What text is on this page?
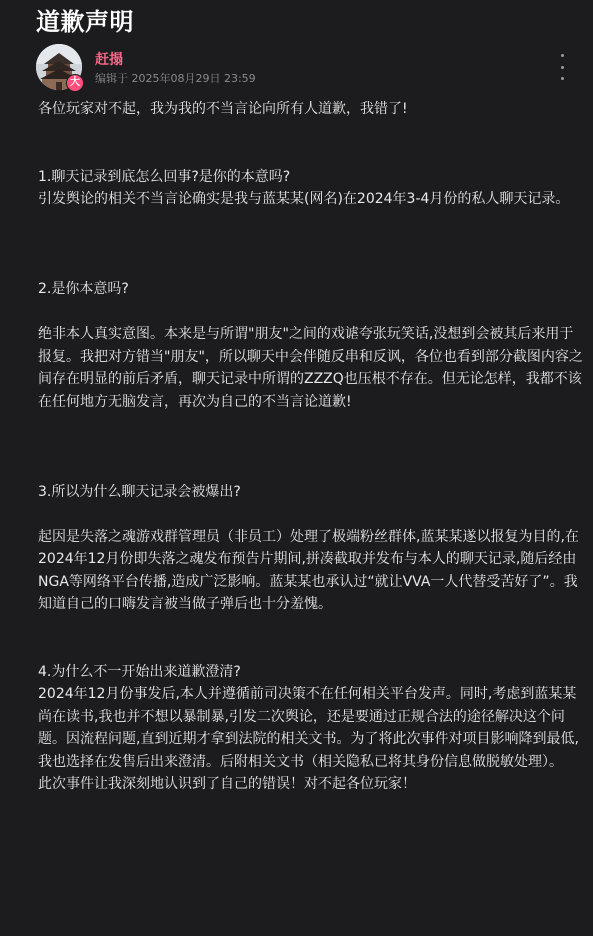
道歉声明
大
赶搨
编辑于 2025年08月29日 23:59

各位玩家对不起，我为我的不当言论向所有人道歉，我错了!

1.聊天记录到底怎么回事?是你的本意吗?

引发舆论的相关不当言论确实是我与蓝某某(网名)在2024年3-4月份的私人聊天记录。

2.是你本意吗?

绝非本人真实意图。本来是与所谓"朋友"之间的戏谑夸张玩笑话,没想到会被其后来用于报复。我把对方错当"朋友"，所以聊天中会伴随反串和反讽，各位也看到部分截图内容之间存在明显的前后矛盾，聊天记录中所谓的ZZZQ也压根不存在。但无论怎样，我都不该在任何地方无脑发言，再次为自己的不当言论道歉!

3.所以为什么聊天记录会被爆出?

起因是失落之魂游戏群管理员（非员工）处理了极端粉丝群体,蓝某某遂以报复为目的,在2024年12月份即失落之魂发布预告片期间,拼凑截取并发布与本人的聊天记录,随后经由NGA等网络平台传播,造成广泛影响。蓝某某也承认过“就让VVA一人代替受苦好了”。我知道自己的口嗨发言被当做子弹后也十分羞愧。

4.为什么不一开始出来道歉澄清?

2024年12月份事发后,本人并遵循前司决策不在任何相关平台发声。同时,考虑到蓝某某尚在读书,我也并不想以暴制暴,引发二次舆论，还是要通过正规合法的途径解决这个问题。因流程问题,直到近期才拿到法院的相关文书。为了将此次事件对项目影响降到最低,我也选择在发售后出来澄清。后附相关文书（相关隐私已将其身份信息做脱敏处理）。

此次事件让我深刻地认识到了自己的错误！对不起各位玩家！
